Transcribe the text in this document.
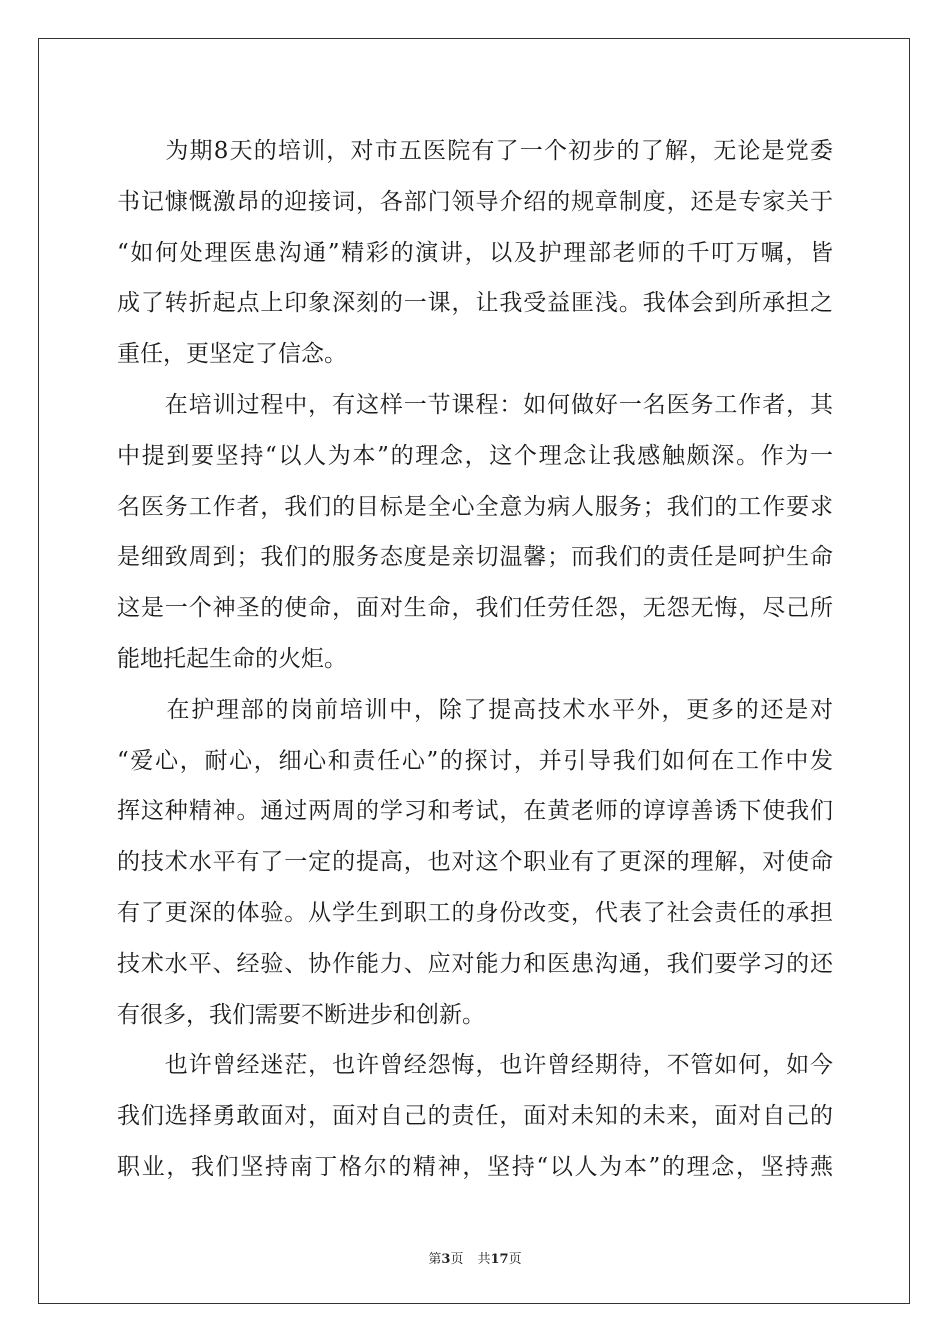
　　为期8天的培训，对市五医院有了一个初步的了解，无论是党委
书记慷慨激昂的迎接词，各部门领导介绍的规章制度，还是专家关于
“如何处理医患沟通”精彩的演讲，以及护理部老师的千叮万嘱，皆
成了转折起点上印象深刻的一课，让我受益匪浅。我体会到所承担之
重任，更坚定了信念。
　　在培训过程中，有这样一节课程：如何做好一名医务工作者，其
中提到要坚持“以人为本”的理念，这个理念让我感触颇深。作为一
名医务工作者，我们的目标是全心全意为病人服务；我们的工作要求
是细致周到；我们的服务态度是亲切温馨；而我们的责任是呵护生命
这是一个神圣的使命，面对生命，我们任劳任怨，无怨无悔，尽己所
能地托起生命的火炬。
　　在护理部的岗前培训中，除了提高技术水平外，更多的还是对
“爱心，耐心，细心和责任心”的探讨，并引导我们如何在工作中发
挥这种精神。通过两周的学习和考试，在黄老师的谆谆善诱下使我们
的技术水平有了一定的提高，也对这个职业有了更深的理解，对使命
有了更深的体验。从学生到职工的身份改变，代表了社会责任的承担
技术水平、经验、协作能力、应对能力和医患沟通，我们要学习的还
有很多，我们需要不断进步和创新。
　　也许曾经迷茫，也许曾经怨悔，也许曾经期待，不管如何，如今
我们选择勇敢面对，面对自己的责任，面对未知的未来，面对自己的
职业，我们坚持南丁格尔的精神，坚持“以人为本”的理念，坚持燕
第3页 共17页
